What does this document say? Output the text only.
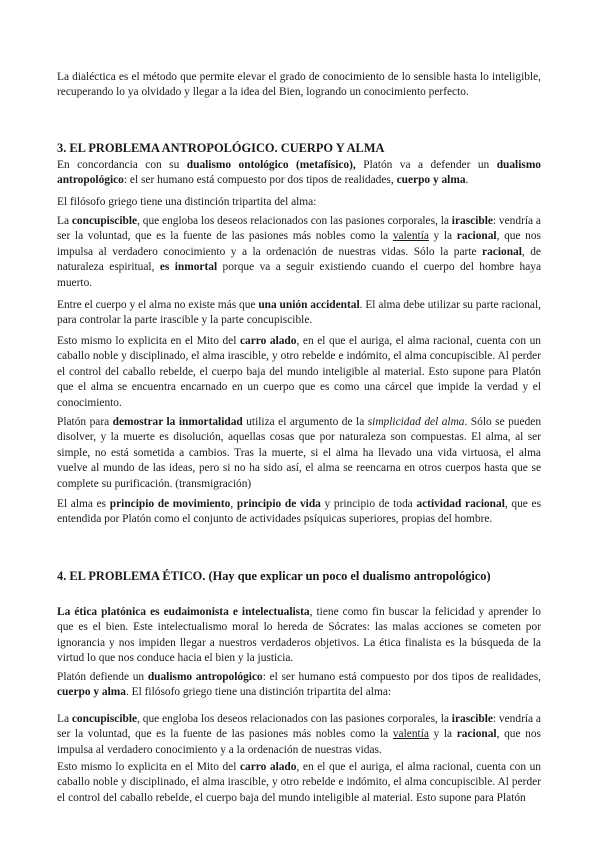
La dialéctica es el método que permite elevar el grado de conocimiento de lo sensible hasta lo inteligible, recuperando lo ya olvidado y llegar a la idea del Bien, logrando un conocimiento perfecto.

3. EL PROBLEMA ANTROPOLÓGICO. CUERPO Y ALMA

En concordancia con su dualismo ontológico (metafísico), Platón va a defender un dualismo antropológico: el ser humano está compuesto por dos tipos de realidades, cuerpo y alma.

El filósofo griego tiene una distinción tripartita del alma:

La concupiscible, que engloba los deseos relacionados con las pasiones corporales, la irascible: vendría a ser la voluntad, que es la fuente de las pasiones más nobles como la valentía y la racional, que nos impulsa al verdadero conocimiento y a la ordenación de nuestras vidas. Sólo la parte racional, de naturaleza espiritual, es inmortal porque va a seguir existiendo cuando el cuerpo del hombre haya muerto.

Entre el cuerpo y el alma no existe más que una unión accidental. El alma debe utilizar su parte racional, para controlar la parte irascible y la parte concupiscible.

Esto mismo lo explicita en el Mito del carro alado, en el que el auriga, el alma racional, cuenta con un caballo noble y disciplinado, el alma irascible, y otro rebelde e indómito, el alma concupiscible. Al perder el control del caballo rebelde, el cuerpo baja del mundo inteligible al material. Esto supone para Platón que el alma se encuentra encarnado en un cuerpo que es como una cárcel que impide la verdad y el conocimiento.

Platón para demostrar la inmortalidad utiliza el argumento de la simplicidad del alma. Sólo se pueden disolver, y la muerte es disolución, aquellas cosas que por naturaleza son compuestas. El alma, al ser simple, no está sometida a cambios. Tras la muerte, si el alma ha llevado una vida virtuosa, el alma vuelve al mundo de las ideas, pero si no ha sido así, el alma se reencarna en otros cuerpos hasta que se complete su purificación. (transmigración)

El alma es principio de movimiento, principio de vida y principio de toda actividad racional, que es entendida por Platón como el conjunto de actividades psíquicas superiores, propias del hombre.

4. EL PROBLEMA ÉTICO. (Hay que explicar un poco el dualismo antropológico)

La ética platónica es eudaimonista e intelectualista, tiene como fin buscar la felicidad y aprender lo que es el bien. Este intelectualismo moral lo hereda de Sócrates: las malas acciones se cometen por ignorancia y nos impiden llegar a nuestros verdaderos objetivos. La ética finalista es la búsqueda de la virtud lo que nos conduce hacia el bien y la justicia.

Platón defiende un dualismo antropológico: el ser humano está compuesto por dos tipos de realidades, cuerpo y alma. El filósofo griego tiene una distinción tripartita del alma:

La concupiscible, que engloba los deseos relacionados con las pasiones corporales, la irascible: vendría a ser la voluntad, que es la fuente de las pasiones más nobles como la valentía y la racional, que nos impulsa al verdadero conocimiento y a la ordenación de nuestras vidas.

Esto mismo lo explicita en el Mito del carro alado, en el que el auriga, el alma racional, cuenta con un caballo noble y disciplinado, el alma irascible, y otro rebelde e indómito, el alma concupiscible. Al perder el control del caballo rebelde, el cuerpo baja del mundo inteligible al material. Esto supone para Platón
